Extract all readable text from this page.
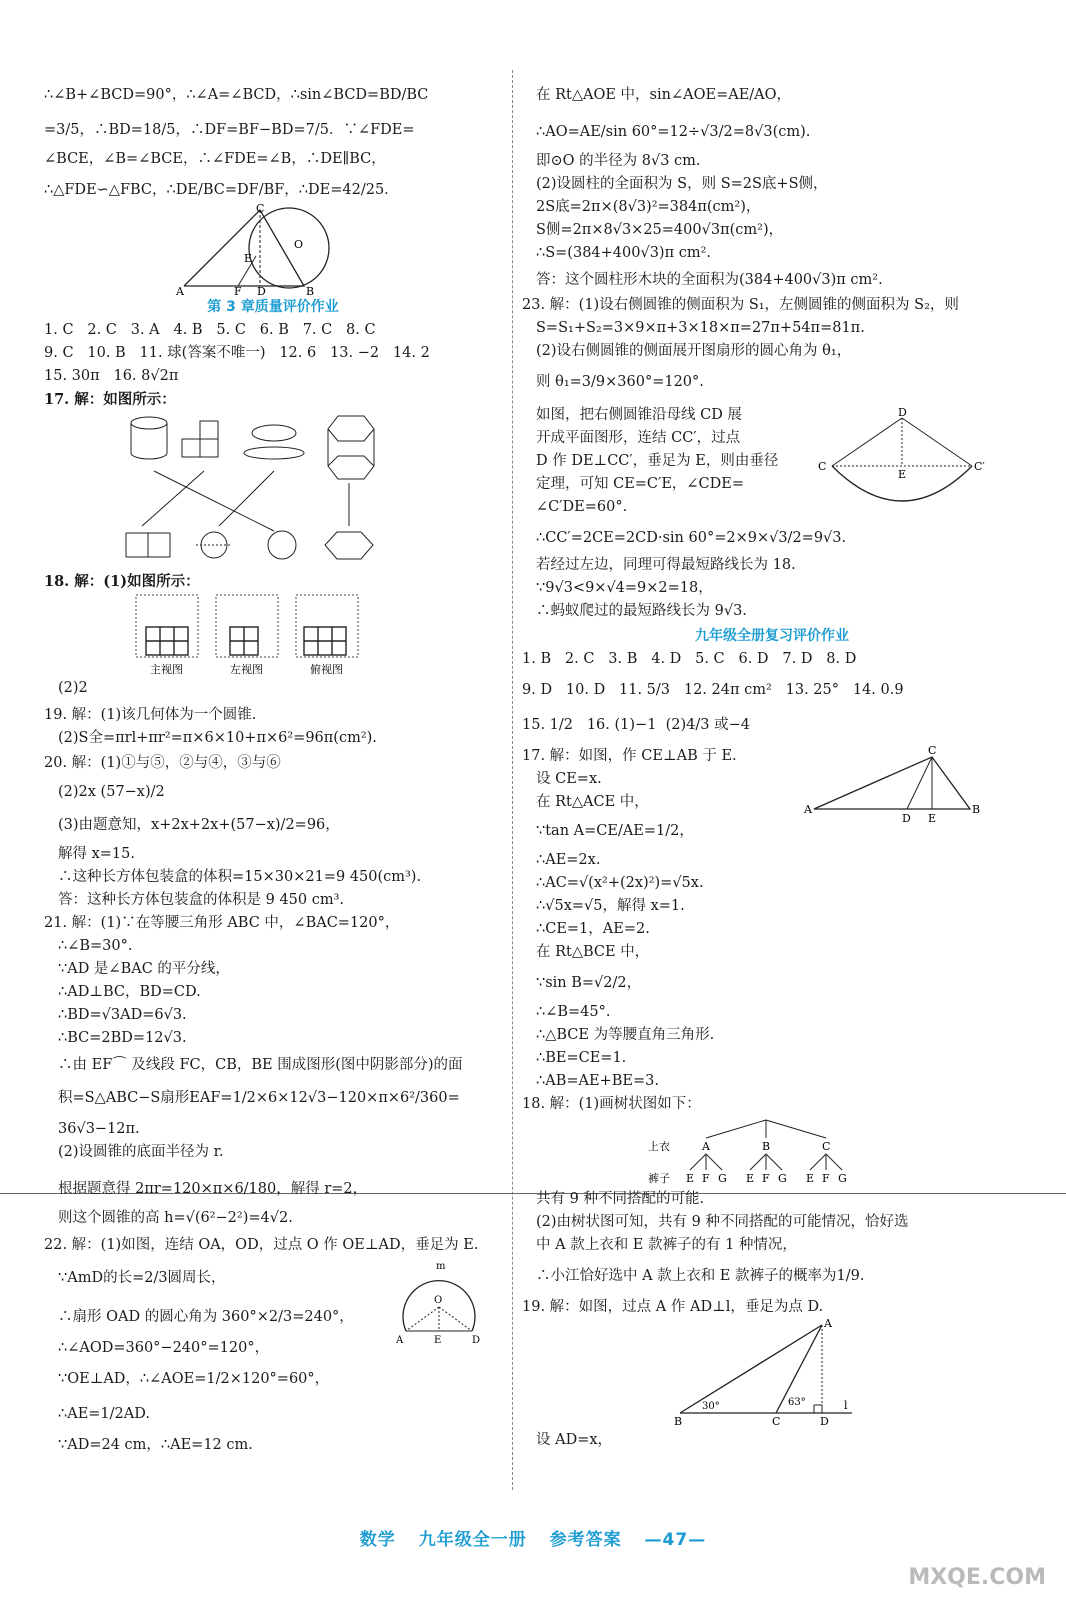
∴∠B+∠BCD=90°，∴∠A=∠BCD，∴sin∠BCD=BD/BC
=3/5，∴BD=18/5，∴DF=BF−BD=7/5．∵∠FDE=
∠BCE，∠B=∠BCE，∴∠FDE=∠B，∴DE∥BC，
∴△FDE∽△FBC，∴DE/BC=DF/BF，∴DE=42/25．
C
O
E
A	F D	B
第 3 章质量评价作业
1. C   2. C   3. A   4. B   5. C   6. B   7. C   8. C
9. C   10. B   11. 球(答案不唯一)   12. 6   13. −2   14. 2
15. 30π   16. 8√2π
17. 解：如图所示：
18. 解：(1)如图所示：
主视图	左视图	俯视图
(2)2
19. 解：(1)该几何体为一个圆锥.
(2)S全=πrl+πr²=π×6×10+π×6²=96π(cm²).
20. 解：(1)①与⑤，②与④，③与⑥
(2)2x (57−x)/2
(3)由题意知，x+2x+2x+(57−x)/2=96，
解得 x=15.
∴这种长方体包装盒的体积=15×30×21=9 450(cm³).
答：这种长方体包装盒的体积是 9 450 cm³.
21. 解：(1)∵在等腰三角形 ABC 中，∠BAC=120°，
∴∠B=30°.
∵AD 是∠BAC 的平分线，
∴AD⊥BC，BD=CD.
∴BD=√3AD=6√3.
∴BC=2BD=12√3.
∴由 EF⌒ 及线段 FC，CB，BE 围成图形(图中阴影部分)的面
积=S△ABC−S扇形EAF=1/2×6×12√3−120×π×6²/360=
36√3−12π.
(2)设圆锥的底面半径为 r.
根据题意得 2πr=120×π×6/180，解得 r=2，
则这个圆锥的高 h=√(6²−2²)=4√2.
22. 解：(1)如图，连结 OA，OD，过点 O 作 OE⊥AD，垂足为 E.
∵AmD的长=2/3圆周长，
∴扇形 OAD 的圆心角为 360°×2/3=240°，
∴∠AOD=360°−240°=120°，
∵OE⊥AD，∴∠AOE=1/2×120°=60°，
∴AE=1/2AD.
∵AD=24 cm，∴AE=12 cm.
m
O
A	E	D
在 Rt△AOE 中，sin∠AOE=AE/AO，
∴AO=AE/sin 60°=12÷√3/2=8√3(cm).
即⊙O 的半径为 8√3 cm.
(2)设圆柱的全面积为 S，则 S=2S底+S侧，
2S底=2π×(8√3)²=384π(cm²)，
S侧=2π×8√3×25=400√3π(cm²)，
∴S=(384+400√3)π cm².
答：这个圆柱形木块的全面积为(384+400√3)π cm².
23. 解：(1)设右侧圆锥的侧面积为 S₁，左侧圆锥的侧面积为 S₂，则
S=S₁+S₂=3×9×π+3×18×π=27π+54π=81π.
(2)设右侧圆锥的侧面展开图扇形的圆心角为 θ₁，
则 θ₁=3/9×360°=120°.
如图，把右侧圆锥沿母线 CD 展
开成平面图形，连结 CC′，过点
D 作 DE⊥CC′，垂足为 E，则由垂径
定理，可知 CE=C′E，∠CDE=
∠C′DE=60°.
D
C
E
C′
∴CC′=2CE=2CD·sin 60°=2×9×√3/2=9√3.
若经过左边，同理可得最短路线长为 18.
∵9√3<9×√4=9×2=18，
∴蚂蚁爬过的最短路线长为 9√3.
九年级全册复习评价作业
1. B   2. C   3. B   4. D   5. C   6. D   7. D   8. D
9. D   10. D   11. 5/3   12. 24π cm²   13. 25°   14. 0.9
15. 1/2   16. (1)−1  (2)4/3 或−4
17. 解：如图，作 CE⊥AB 于 E.
设 CE=x.
在 Rt△ACE 中，
∵tan A=CE/AE=1/2，
∴AE=2x.
∴AC=√(x²+(2x)²)=√5x.
∴√5x=√5，解得 x=1.
∴CE=1，AE=2.
在 Rt△BCE 中，
∵sin B=√2/2，
∴∠B=45°.
∴△BCE 为等腰直角三角形.
∴BE=CE=1.
∴AB=AE+BE=3.
C
A
D E
B
18. 解：(1)画树状图如下：
上衣	A	B	C
裤子 E F G E F G E F G
共有 9 种不同搭配的可能.
(2)由树状图可知，共有 9 种不同搭配的可能情况，恰好选
中 A 款上衣和 E 款裤子的有 1 种情况，
∴小江恰好选中 A 款上衣和 E 款裤子的概率为1/9.
19. 解：如图，过点 A 作 AD⊥l，垂足为点 D.
A
30°	63°
B	C	D
l
设 AD=x，
数学 九年级全一册 参考答案 —47—
MXQE.COM
